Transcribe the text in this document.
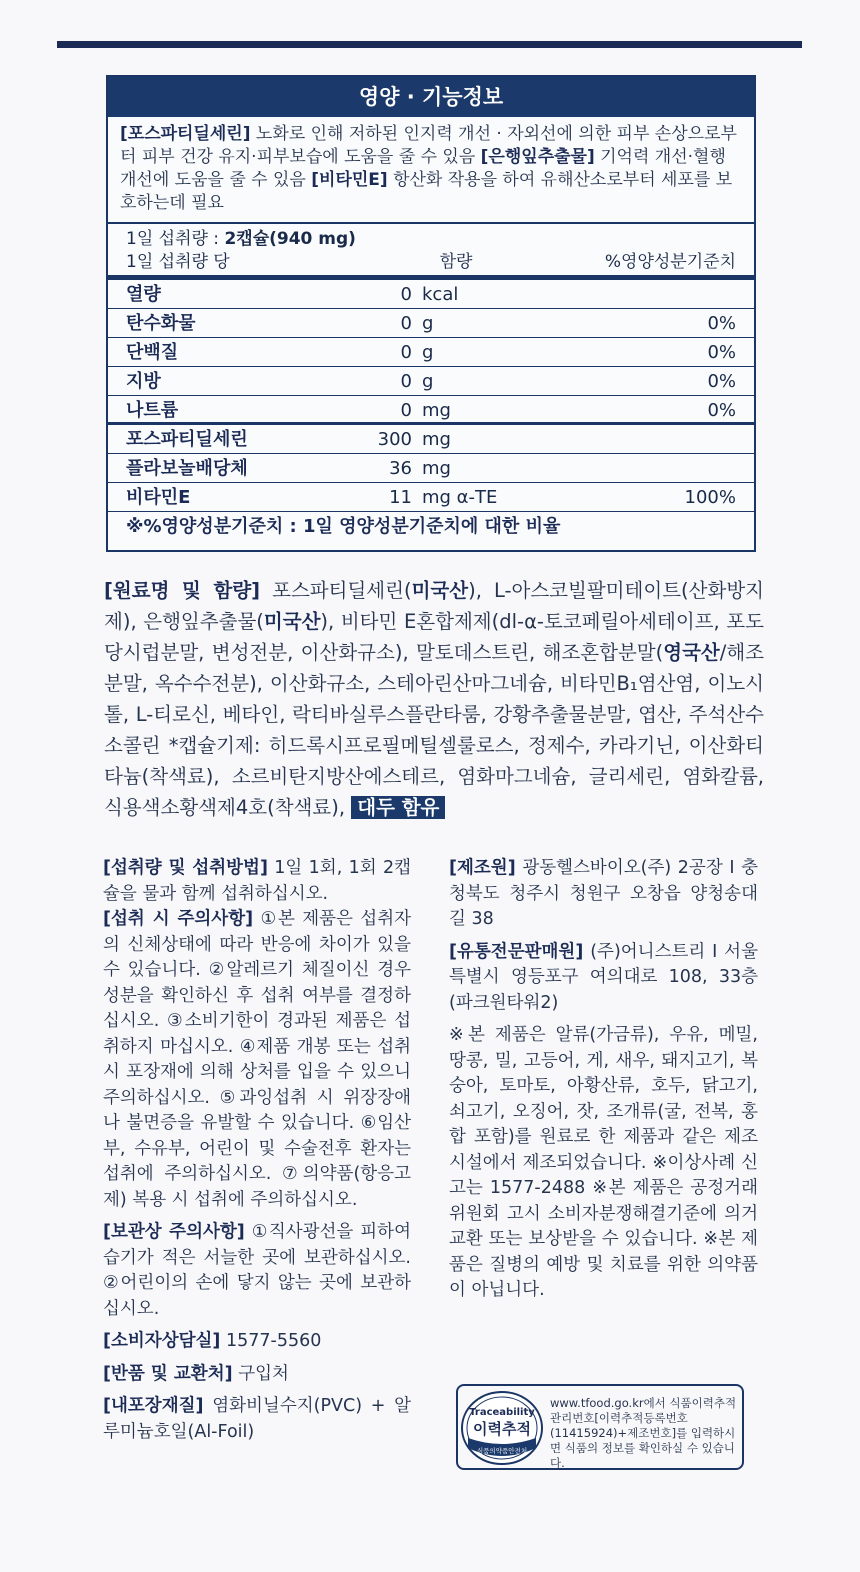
영양 · 기능정보
[포스파티딜세린] 노화로 인해 저하된 인지력 개선 · 자외선에 의한 피부 손상으로부터 피부 건강 유지·피부보습에 도움을 줄 수 있음 [은행잎추출물] 기억력 개선·혈행 개선에 도움을 줄 수 있음 [비타민E] 항산화 작용을 하여 유해산소로부터 세포를 보호하는데 필요
1일 섭취량 : 2캡슐(940 mg)
1일 섭취량 당	함량	%영양성분기준치
열량	0 kcal
탄수화물	0 g	0%
단백질	0 g	0%
지방	0 g	0%
나트륨	0 mg	0%
포스파티딜세린	300 mg
플라보놀배당체	36 mg
비타민E	11 mg α-TE	100%
※%영양성분기준치 : 1일 영양성분기준치에 대한 비율
[원료명 및 함량] 포스파티딜세린(미국산), L-아스코빌팔미테이트(산화방지제), 은행잎추출물(미국산), 비타민 E혼합제제(dl-α-토코페릴아세테이프, 포도당시럽분말, 변성전분, 이산화규소), 말토데스트린, 해조혼합분말(영국산/해조분말, 옥수수전분), 이산화규소, 스테아린산마그네슘, 비타민B₁염산염, 이노시톨, L-티로신, 베타인, 락티바실루스플란타룸, 강황추출물분말, 엽산, 주석산수소콜린 *캡슐기제: 히드록시프로필메틸셀룰로스, 정제수, 카라기닌, 이산화티타늄(착색료), 소르비탄지방산에스테르, 염화마그네슘, 글리세린, 염화칼륨, 식용색소황색제4호(착색료), 대두 함유

[섭취량 및 섭취방법] 1일 1회, 1회 2캡슐을 물과 함께 섭취하십시오.

[섭취 시 주의사항] ①본 제품은 섭취자의 신체상태에 따라 반응에 차이가 있을 수 있습니다. ②알레르기 체질이신 경우 성분을 확인하신 후 섭취 여부를 결정하십시오. ③소비기한이 경과된 제품은 섭취하지 마십시오. ④제품 개봉 또는 섭취 시 포장재에 의해 상처를 입을 수 있으니 주의하십시오. ⑤과잉섭취 시 위장장애나 불면증을 유발할 수 있습니다. ⑥임산부, 수유부, 어린이 및 수술전후 환자는 섭취에 주의하십시오. ⑦의약품(항응고제) 복용 시 섭취에 주의하십시오.

[보관상 주의사항] ①직사광선을 피하여 습기가 적은 서늘한 곳에 보관하십시오. ②어린이의 손에 닿지 않는 곳에 보관하십시오.

[소비자상담실] 1577-5560

[반품 및 교환처] 구입처

[내포장재질] 염화비닐수지(PVC) + 알루미늄호일(Al-Foil)

[제조원] 광동헬스바이오(주) 2공장 I 충청북도 청주시 청원구 오창읍 양청송대길 38

[유통전문판매원] (주)어니스트리 I 서울특별시 영등포구 여의대로 108, 33층(파크원타워2)

※본 제품은 알류(가금류), 우유, 메밀, 땅콩, 밀, 고등어, 게, 새우, 돼지고기, 복숭아, 토마토, 아황산류, 호두, 닭고기, 쇠고기, 오징어, 잣, 조개류(굴, 전복, 홍합 포함)를 원료로 한 제품과 같은 제조시설에서 제조되었습니다. ※이상사례 신고는 1577-2488 ※본 제품은 공정거래위원회 고시 소비자분쟁해결기준에 의거 교환 또는 보상받을 수 있습니다. ※본 제품은 질병의 예방 및 치료를 위한 의약품이 아닙니다.

Traceability
이력추적
식품의약품안전처
www.tfood.go.kr에서 식품이력추적관리번호[이력추적등록번호(11415924)+제조번호]를 입력하시면 식품의 정보를 확인하실 수 있습니다.
